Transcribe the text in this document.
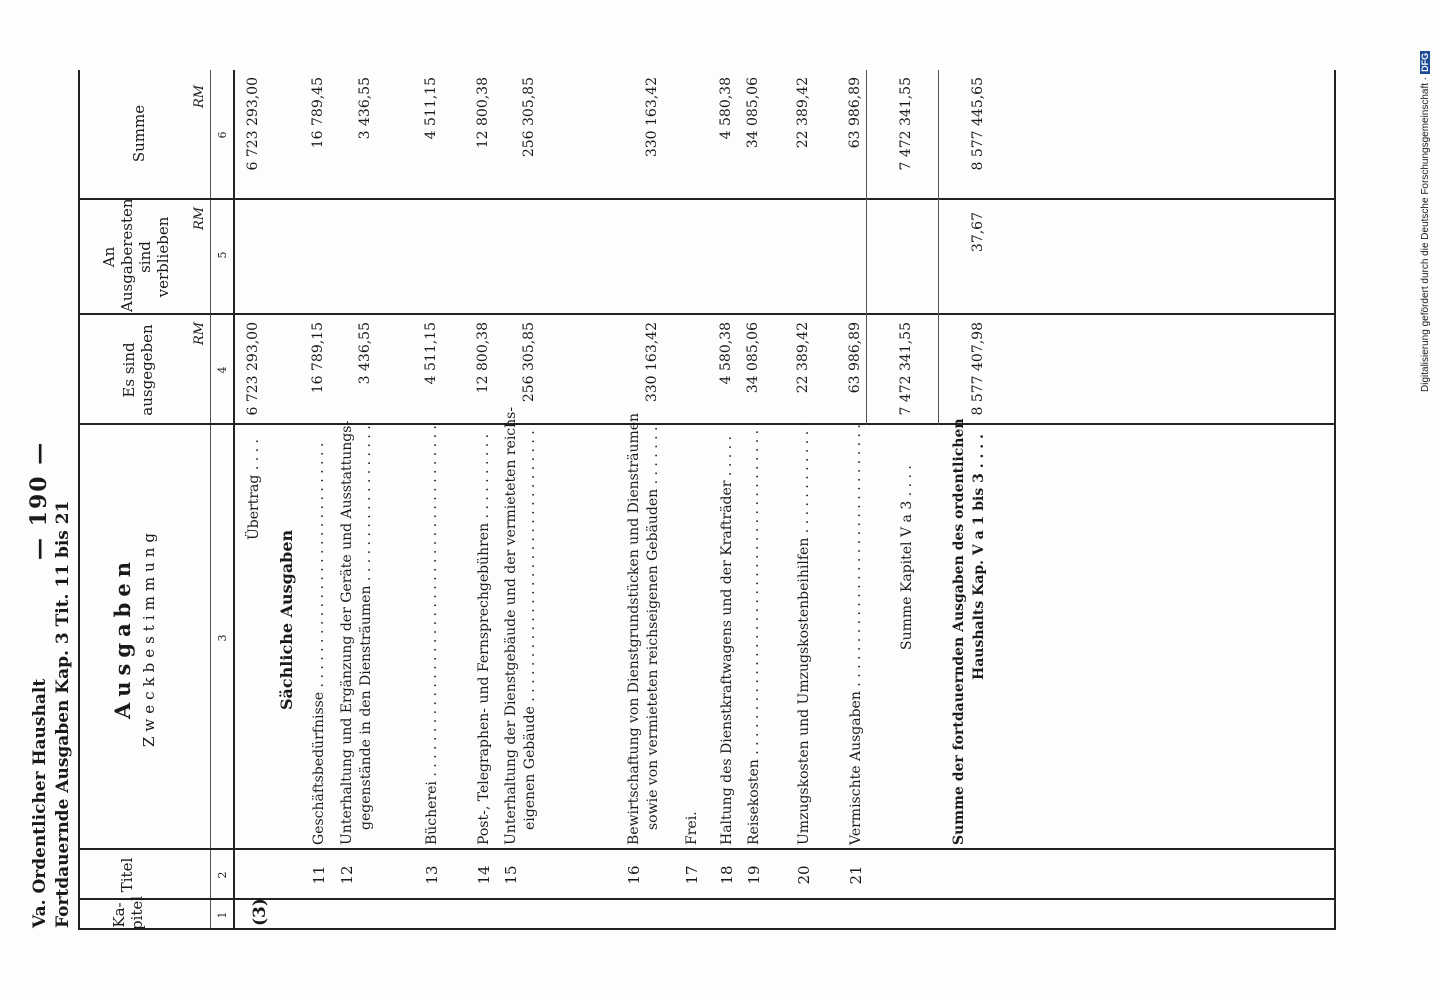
Va. Ordentlicher Haushalt Fortdauernde Ausgaben Kap. 3 Tit. 11 bis 21
— 190 —
Ka-pitel
Titel
Ausgaben Zweckbestimmung
Es sind ausgegeben
An Ausgaberesten sind verblieben
Summe
RM
RM
RM
1
2
3
4
5
6
(3)
Übertrag . . . .
6 723 293,00
6 723 293,00
Sächliche Ausgaben
11
Geschäftsbedürfnisse . . . . . . . . . . . . . . . . . . . . . . . . . . . .
16 789,15
16 789,45
12
Unterhaltung und Ergänzung der Geräte und Ausstattungs- gegenstände in den Diensträumen . . . . . . . . . . . . . . . . . .
3 436,55
3 436,55
13
Bücherei . . . . . . . . . . . . . . . . . . . . . . . . . . . . . . . . . . . . . . . .
4 511,15
4 511,15
14
Post-, Telegraphen- und Fernsprechgebühren . . . . . . . . . .
12 800,38
12 800,38
15
Unterhaltung der Dienstgebäude und der vermieteten reichs- eigenen Gebäude . . . . . . . . . . . . . . . . . . . . . . . . . . . . . . .
256 305,85
256 305,85
16
Bewirtschaftung von Dienstgrundstücken und Diensträumen sowie von vermieteten reichseigenen Gebäuden . . . . . . .
330 163,42
330 163,42
17
Frei.
18
Haltung des Dienstkraftwagens und der Krafträder . . . . .
4 580,38
4 580,38
19
Reisekosten . . . . . . . . . . . . . . . . . . . . . . . . . . . . . . . . . . . . .
34 085,06
34 085,06
20
Umzugskosten und Umzugskostenbeihilfen . . . . . . . . . . . . .
22 389,42
22 389,42
21
Vermischte Ausgaben . . . . . . . . . . . . . . . . . . . . . . . . . . . . . .
63 986,89
63 986,89
Summe Kapitel V a 3 . . . .
7 472 341,55
7 472 341,55
Summe der fortdauernden Ausgaben des ordentlichen Haushalts Kap. V a 1 bis 3 . . . .
8 577 407,98
37,67
8 577 445,65	Digitalisierung gefördert durch die Deutsche Forschungsgemeinschaft ·
DFG
